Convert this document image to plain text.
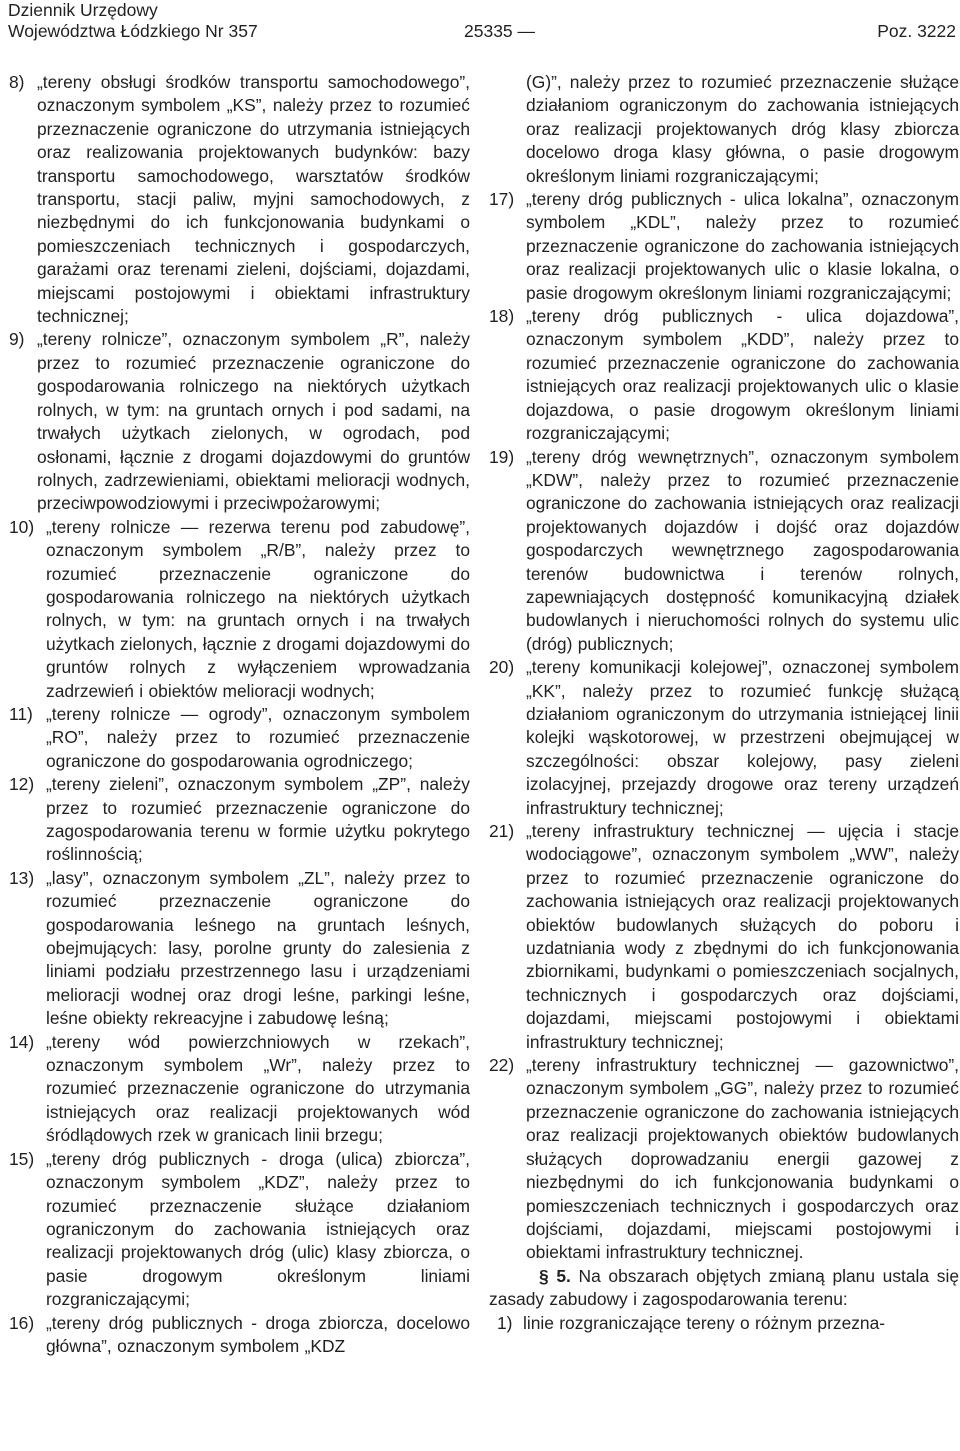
Dziennik Urzędowy
Województwa Łódzkiego Nr 357	25335 —	Poz. 3222
8) „tereny obsługi środków transportu samochodowego”, oznaczonym symbolem „KS”, należy przez to rozumieć przeznaczenie ograniczone do utrzymania istniejących oraz realizowania projektowanych budynków: bazy transportu samochodowego, warsztatów środków transportu, stacji paliw, myjni samochodowych, z niezbędnymi do ich funkcjonowania budynkami o pomieszczeniach technicznych i gospodarczych, garażami oraz terenami zieleni, dojściami, dojazdami, miejscami postojowymi i obiektami infrastruktury technicznej;
9) „tereny rolnicze”, oznaczonym symbolem „R”, należy przez to rozumieć przeznaczenie ograniczone do gospodarowania rolniczego na niektórych użytkach rolnych, w tym: na gruntach ornych i pod sadami, na trwałych użytkach zielonych, w ogrodach, pod osłonami, łącznie z drogami dojazdowymi do gruntów rolnych, zadrzewieniami, obiektami melioracji wodnych, przeciwpowodziowymi i przeciwpożarowymi;
10) „tereny rolnicze — rezerwa terenu pod zabudowę”, oznaczonym symbolem „R/B”, należy przez to rozumieć przeznaczenie ograniczone do gospodarowania rolniczego na niektórych użytkach rolnych, w tym: na gruntach ornych i na trwałych użytkach zielonych, łącznie z drogami dojazdowymi do gruntów rolnych z wyłączeniem wprowadzania zadrzewień i obiektów melioracji wodnych;
11) „tereny rolnicze — ogrody”, oznaczonym symbolem „RO”, należy przez to rozumieć przeznaczenie ograniczone do gospodarowania ogrodniczego;
12) „tereny zieleni”, oznaczonym symbolem „ZP”, należy przez to rozumieć przeznaczenie ograniczone do zagospodarowania terenu w formie użytku pokrytego roślinnością;
13) „lasy”, oznaczonym symbolem „ZL”, należy przez to rozumieć przeznaczenie ograniczone do gospodarowania leśnego na gruntach leśnych, obejmujących: lasy, porolne grunty do zalesienia z liniami podziału przestrzennego lasu i urządzeniami melioracji wodnej oraz drogi leśne, parkingi leśne, leśne obiekty rekreacyjne i zabudowę leśną;
14) „tereny wód powierzchniowych w rzekach”, oznaczonym symbolem „Wr”, należy przez to rozumieć przeznaczenie ograniczone do utrzymania istniejących oraz realizacji projektowanych wód śródlądowych rzek w granicach linii brzegu;
15) „tereny dróg publicznych - droga (ulica) zbiorcza”, oznaczonym symbolem „KDZ”, należy przez to rozumieć przeznaczenie służące działaniom ograniczonym do zachowania istniejących oraz realizacji projektowanych dróg (ulic) klasy zbiorcza, o pasie drogowym określonym liniami rozgraniczającymi;
16) „tereny dróg publicznych - droga zbiorcza, docelowo główna”, oznaczonym symbolem „KDZ
(G)”, należy przez to rozumieć przeznaczenie służące działaniom ograniczonym do zachowania istniejących oraz realizacji projektowanych dróg klasy zbiorcza docelowo droga klasy główna, o pasie drogowym określonym liniami rozgraniczającymi;
17) „tereny dróg publicznych - ulica lokalna”, oznaczonym symbolem „KDL”, należy przez to rozumieć przeznaczenie ograniczone do zachowania istniejących oraz realizacji projektowanych ulic o klasie lokalna, o pasie drogowym określonym liniami rozgraniczającymi;
18) „tereny dróg publicznych - ulica dojazdowa”, oznaczonym symbolem „KDD”, należy przez to rozumieć przeznaczenie ograniczone do zachowania istniejących oraz realizacji projektowanych ulic o klasie dojazdowa, o pasie drogowym określonym liniami rozgraniczającymi;
19) „tereny dróg wewnętrznych”, oznaczonym symbolem „KDW”, należy przez to rozumieć przeznaczenie ograniczone do zachowania istniejących oraz realizacji projektowanych dojazdów i dojść oraz dojazdów gospodarczych wewnętrznego zagospodarowania terenów budownictwa i terenów rolnych, zapewniających dostępność komunikacyjną działek budowlanych i nieruchomości rolnych do systemu ulic (dróg) publicznych;
20) „tereny komunikacji kolejowej”, oznaczonej symbolem „KK”, należy przez to rozumieć funkcję służącą działaniom ograniczonym do utrzymania istniejącej linii kolejki wąskotorowej, w przestrzeni obejmującej w szczególności: obszar kolejowy, pasy zieleni izolacyjnej, przejazdy drogowe oraz tereny urządzeń infrastruktury technicznej;
21) „tereny infrastruktury technicznej — ujęcia i stacje wodociągowe”, oznaczonym symbolem „WW”, należy przez to rozumieć przeznaczenie ograniczone do zachowania istniejących oraz realizacji projektowanych obiektów budowlanych służących do poboru i uzdatniania wody z zbędnymi do ich funkcjonowania zbiornikami, budynkami o pomieszczeniach socjalnych, technicznych i gospodarczych oraz dojściami, dojazdami, miejscami postojowymi i obiektami infrastruktury technicznej;
22) „tereny infrastruktury technicznej — gazownictwo”, oznaczonym symbolem „GG”, należy przez to rozumieć przeznaczenie ograniczone do zachowania istniejących oraz realizacji projektowanych obiektów budowlanych służących doprowadzaniu energii gazowej z niezbędnymi do ich funkcjonowania budynkami o pomieszczeniach technicznych i gospodarczych oraz dojściami, dojazdami, miejscami postojowymi i obiektami infrastruktury technicznej.
§ 5. Na obszarach objętych zmianą planu ustala się zasady zabudowy i zagospodarowania terenu:
1) linie rozgraniczające tereny o różnym przezna-
